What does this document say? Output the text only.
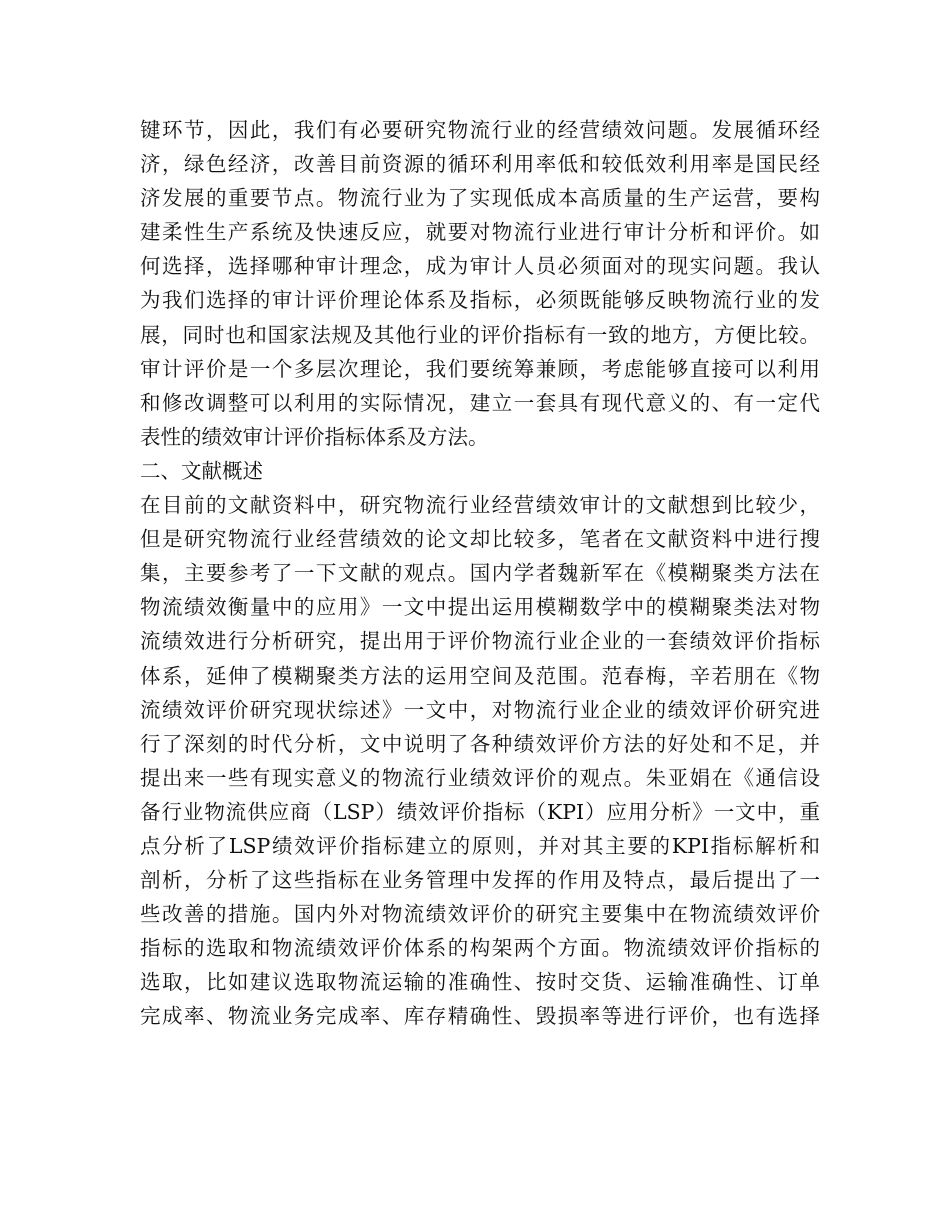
键环节，因此，我们有必要研究物流行业的经营绩效问题。发展循环经
济，绿色经济，改善目前资源的循环利用率低和较低效利用率是国民经
济发展的重要节点。物流行业为了实现低成本高质量的生产运营，要构
建柔性生产系统及快速反应，就要对物流行业进行审计分析和评价。如
何选择，选择哪种审计理念，成为审计人员必须面对的现实问题。我认
为我们选择的审计评价理论体系及指标，必须既能够反映物流行业的发
展，同时也和国家法规及其他行业的评价指标有一致的地方，方便比较。
审计评价是一个多层次理论，我们要统筹兼顾，考虑能够直接可以利用
和修改调整可以利用的实际情况，建立一套具有现代意义的、有一定代
表性的绩效审计评价指标体系及方法。
二、文献概述
在目前的文献资料中，研究物流行业经营绩效审计的文献想到比较少，
但是研究物流行业经营绩效的论文却比较多，笔者在文献资料中进行搜
集，主要参考了一下文献的观点。国内学者魏新军在《模糊聚类方法在
物流绩效衡量中的应用》一文中提出运用模糊数学中的模糊聚类法对物
流绩效进行分析研究，提出用于评价物流行业企业的一套绩效评价指标
体系，延伸了模糊聚类方法的运用空间及范围。范春梅，辛若朋在《物
流绩效评价研究现状综述》一文中，对物流行业企业的绩效评价研究进
行了深刻的时代分析，文中说明了各种绩效评价方法的好处和不足，并
提出来一些有现实意义的物流行业绩效评价的观点。朱亚娟在《通信设
备行业物流供应商（LSP）绩效评价指标（KPI）应用分析》一文中，重
点分析了LSP绩效评价指标建立的原则，并对其主要的KPI指标解析和
剖析，分析了这些指标在业务管理中发挥的作用及特点，最后提出了一
些改善的措施。国内外对物流绩效评价的研究主要集中在物流绩效评价
指标的选取和物流绩效评价体系的构架两个方面。物流绩效评价指标的
选取，比如建议选取物流运输的准确性、按时交货、运输准确性、订单
完成率、物流业务完成率、库存精确性、毁损率等进行评价，也有选择
